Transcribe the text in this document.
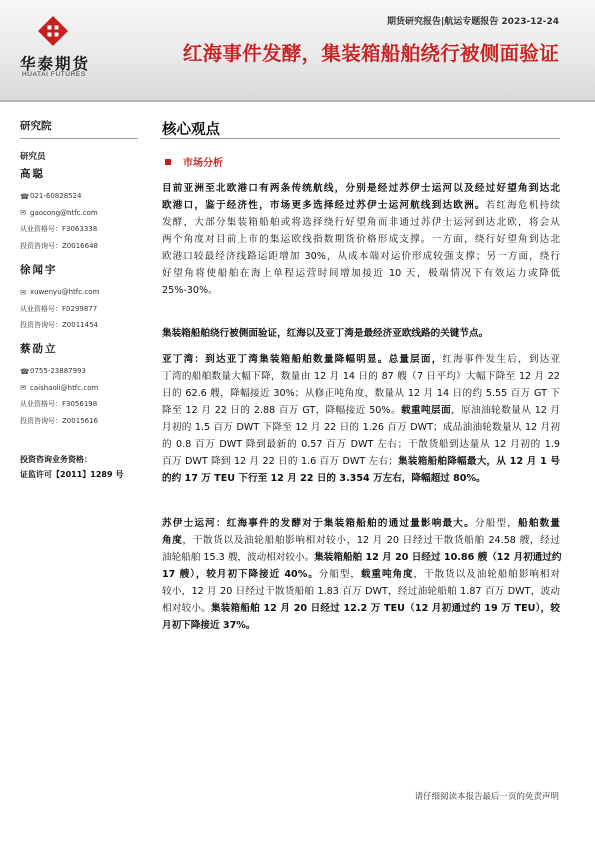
华泰期货
HUATAI FUTURES
期货研究报告|航运专题报告 2023-12-24
红海事件发酵，集装箱船舶绕行被侧面验证
研究院
研究员
高聪
☎ 021-60828524
✉ gaocong@htfc.com
从业资格号： F3063338
投资咨询号： Z0016648
徐闻宇
✉ xuwenyu@htfc.com
从业资格号： F0299877
投资咨询号： Z0011454
蔡劭立
☎ 0755-23887993
✉ caishaoli@htfc.com
从业资格号： F3056198
投资咨询号： Z0015616
投资咨询业务资格：
证监许可【2011】1289 号
核心观点
市场分析
目前亚洲至北欧港口有两条传统航线，分别是经过苏伊士运河以及经过好望角到达北
欧港口，鉴于经济性，市场更多选择经过苏伊士运河航线到达欧洲。若红海危机持续
发酵，大部分集装箱船舶或将选择绕行好望角而非通过苏伊士运河到达北欧，将会从
两个角度对目前上市的集运欧线指数期货价格形成支撑。一方面，绕行好望角到达北
欧港口较最经济线路运距增加 30%，从成本端对运价形成较强支撑；另一方面，绕行
好望角将使船舶在海上单程运营时间增加接近 10 天，极端情况下有效运力或降低
25%-30%。
集装箱船舶绕行被侧面验证，红海以及亚丁湾是最经济亚欧线路的关键节点。
亚丁湾：到达亚丁湾集装箱船舶数量降幅明显。总量层面，红海事件发生后，到达亚
丁湾的船舶数量大幅下降，数量由 12 月 14 日的 87 艘（7 日平均）大幅下降至 12 月 22
日的 62.6 艘，降幅接近 30%；从修正吨角度，数量从 12 月 14 日的约 5.55 百万 GT 下
降至 12 月 22 日的 2.88 百万 GT，降幅接近 50%。载重吨层面，原油油轮数量从 12 月
月初的 1.5 百万 DWT 下降至 12 月 22 日的 1.26 百万 DWT；成品油油轮数量从 12 月初
的 0.8 百万 DWT 降到最新的 0.57 百万 DWT 左右；干散货船到达量从 12 月初的 1.9
百万 DWT 降到 12 月 22 日的 1.6 百万 DWT 左右；集装箱船舶降幅最大，从 12 月 1 号
的约 17 万 TEU 下行至 12 月 22 日的 3.354 万左右，降幅超过 80%。
苏伊士运河：红海事件的发酵对于集装箱船舶的通过量影响最大。分船型，船舶数量
角度，干散货以及油轮船舶影响相对较小，12 月 20 日经过干散货船舶 24.58 艘，经过
油轮船舶 15.3 艘，波动相对较小。集装箱船舶 12 月 20 日经过 10.86 艘（12 月初通过约
17 艘），较月初下降接近 40%。分船型，载重吨角度，干散货以及油轮船舶影响相对
较小，12 月 20 日经过干散货船舶 1.83 百万 DWT，经过油轮船舶 1.87 百万 DWT，波动
相对较小。集装箱船舶 12 月 20 日经过 12.2 万 TEU（12 月初通过约 19 万 TEU），较
月初下降接近 37%。
请仔细阅读本报告最后一页的免责声明
